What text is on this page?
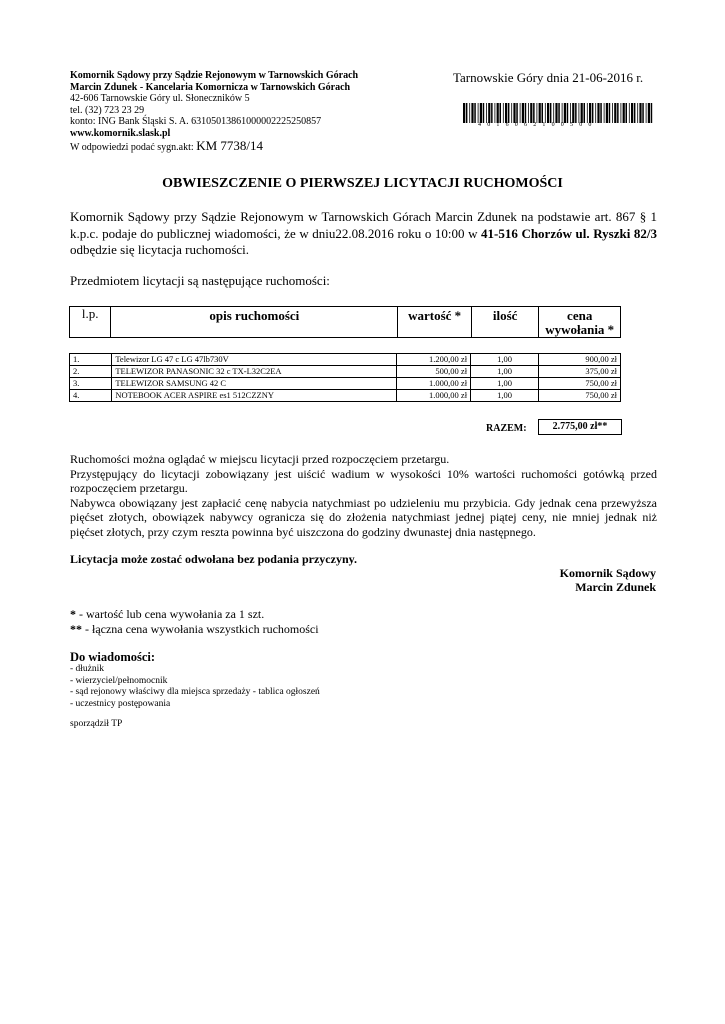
Komornik Sądowy przy Sądzie Rejonowym w Tarnowskich Górach
Marcin Zdunek - Kancelaria Komornicza w Tarnowskich Górach
42-606 Tarnowskie Góry ul. Słoneczników 5
tel. (32) 723 23 29
konto: ING Bank Śląski S. A. 63105013861000002225250857
www.komornik.slask.pl
W odpowiedzi podać sygn.akt: KM 7738/14
Tarnowskie Góry dnia 21-06-2016 r.
4016062100500
OBWIESZCZENIE O PIERWSZEJ LICYTACJI RUCHOMOŚCI
Komornik Sądowy przy Sądzie Rejonowym w Tarnowskich Górach Marcin Zdunek na podstawie art. 867 § 1 k.p.c. podaje do publicznej wiadomości, że w dniu22.08.2016 roku o 10:00 w 41-516 Chorzów ul. Ryszki 82/3 odbędzie się licytacja ruchomości.
Przedmiotem licytacji są następujące ruchomości:
l.p.	opis ruchomości	wartość *	ilość	cena wywołania *
1.	Telewizor LG 47 c LG 47lb730V	1.200,00 zł	1,00	900,00 zł
2.	TELEWIZOR PANASONIC 32 c TX-L32C2EA	500,00 zł	1,00	375,00 zł
3.	TELEWIZOR SAMSUNG 42 C	1.000,00 zł	1,00	750,00 zł
4.	NOTEBOOK ACER ASPIRE es1 512CZZNY	1.000,00 zł	1,00	750,00 zł
RAZEM:	2.775,00 zł**

Ruchomości można oglądać w miejscu licytacji przed rozpoczęciem przetargu.

Przystępujący do licytacji zobowiązany jest uiścić wadium w wysokości 10% wartości ruchomości gotówką przed rozpoczęciem przetargu.

Nabywca obowiązany jest zapłacić cenę nabycia natychmiast po udzieleniu mu przybicia. Gdy jednak cena przewyższa pięćset złotych, obowiązek nabywcy ogranicza się do złożenia natychmiast jednej piątej ceny, nie mniej jednak niż pięćset złotych, przy czym reszta powinna być uiszczona do godziny dwunastej dnia następnego.

Licytacja może zostać odwołana bez podania przyczyny.
Komornik Sądowy
Marcin Zdunek
* - wartość lub cena wywołania za 1 szt.
** - łączna cena wywołania wszystkich ruchomości
Do wiadomości:
- dłużnik
- wierzyciel/pełnomocnik
- sąd rejonowy właściwy dla miejsca sprzedaży - tablica ogłoszeń
- uczestnicy postępowania
sporządził TP
